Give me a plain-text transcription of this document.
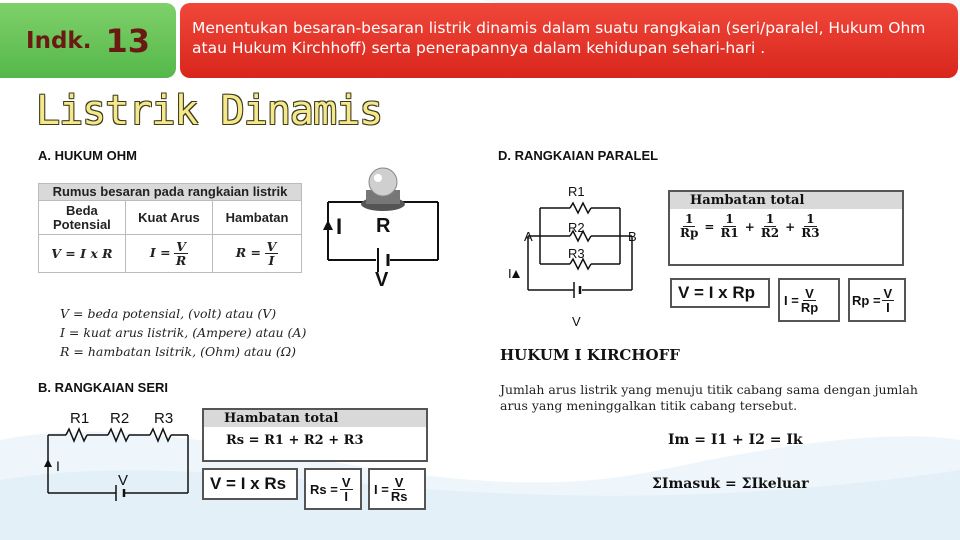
Indk. 13	Menentukan besaran-besaran listrik dinamis dalam suatu rangkaian (seri/paralel, Hukum Ohm atau Hukum Kirchhoff) serta penerapannya dalam kehidupan sehari-hari .
Listrik Dinamis
A. HUKUM OHM
Rumus besaran pada rangkaian listrik		
Beda Potensial	Kuat Arus	Hambatan
V = I x R	$I = \frac{V}{R}$	$R = \frac{V}{I}$
V = beda potensial, (volt) atau (V)
I = kuat arus listrik, (Ampere) atau (A)
R = hambatan lsitrik, (Ohm) atau (Ω)
I R
V
B. RANGKAIAN SERI
R1 R2 R3
I
V
Hambatan total
Rs = R1 + R2 + R3
V = I x Rs	$Rs = \frac{V}{I}$ $I = \frac{V}{Rs}$
D. RANGKAIAN PARALEL
R1
R2
R3
A	B
I
V
Hambatan total
$\frac{1}{Rp} = \frac{1}{R1} + \frac{1}{R2} + \frac{1}{R3}$
V = I x Rp	$I = \frac{V}{Rp}$	$Rp = \frac{V}{I}$
HUKUM I KIRCHOFF
Jumlah arus listrik yang menuju titik cabang sama dengan jumlah arus yang meninggalkan titik cabang tersebut.
Im = I1 + I2 = Ik
ΣImasuk = ΣIkeluar
